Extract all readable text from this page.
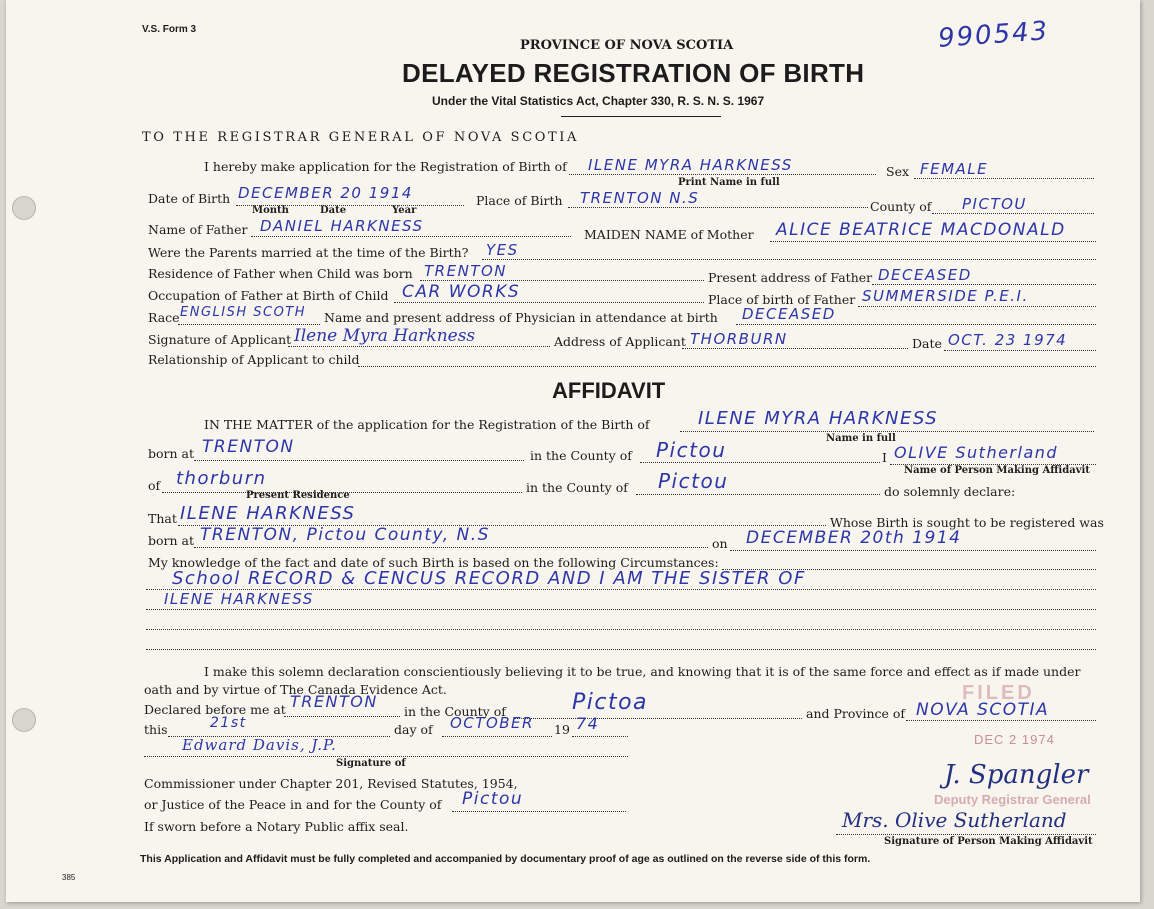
V.S. Form 3
PROVINCE OF NOVA SCOTIA
DELAYED REGISTRATION OF BIRTH
Under the Vital Statistics Act, Chapter 330, R. S. N. S. 1967
990543
TO THE REGISTRAR GENERAL OF NOVA SCOTIA
I hereby make application for the Registration of Birth of ILENE MYRA HARKNESS
Print Name in full
Sex FEMALE
Date of Birth DECEMBER 20 1914
Month	Date	Year
Place of Birth TRENTON N.S	County of PICTOU
Name of Father DANIEL HARKNESS	MAIDEN NAME of Mother ALICE BEATRICE MACDONALD
Were the Parents married at the time of the Birth? YES
Residence of Father when Child was born TRENTON	Present address of Father DECEASED
Occupation of Father at Birth of Child CAR WORKS	Place of birth of Father SUMMERSIDE P.E.I.
Race ENGLISH SCOTH Name and present address of Physician in attendance at birth DECEASED
Signature of Applicant Ilene Myra Harkness	Address of Applicant THORBURN	Date OCT. 23 1974
Relationship of Applicant to child
AFFIDAVIT
IN THE MATTER of the application for the Registration of the Birth of	ILENE MYRA HARKNESS
Name in full
born at TRENTON	in the County of Pictou	I OLIVE Sutherland
Name of Person Making Affidavit
of thorburn
Present Residence
in the County of Pictou	do solemnly declare:
That ILENE HARKNESS	Whose Birth is sought to be registered was
born at TRENTON, Pictou County, N.S	on DECEMBER 20th 1914
My knowledge of the fact and date of such Birth is based on the following Circumstances:
School RECORD & CENCUS RECORD AND I AM THE SISTER OF
ILENE HARKNESS
I make this solemn declaration conscientiously believing it to be true, and knowing that it is of the same force and effect as if made under
oath and by virtue of The Canada Evidence Act.
Declared before me at TRENTON
in the County of	Pictoa	and Province of NOVA SCOTIA
this	21st	day of OCTOBER 19 74
Edward Davis, J.P.
Signature of
Commissioner under Chapter 201, Revised Statutes, 1954,
or Justice of the Peace in and for the County of Pictou
If sworn before a Notary Public affix seal.
FILED
DEC 2 1974
J. Spangler
Deputy Registrar General
Mrs. Olive Sutherland
Signature of Person Making Affidavit
This Application and Affidavit must be fully completed and accompanied by documentary proof of age as outlined on the reverse side of this form.
385
